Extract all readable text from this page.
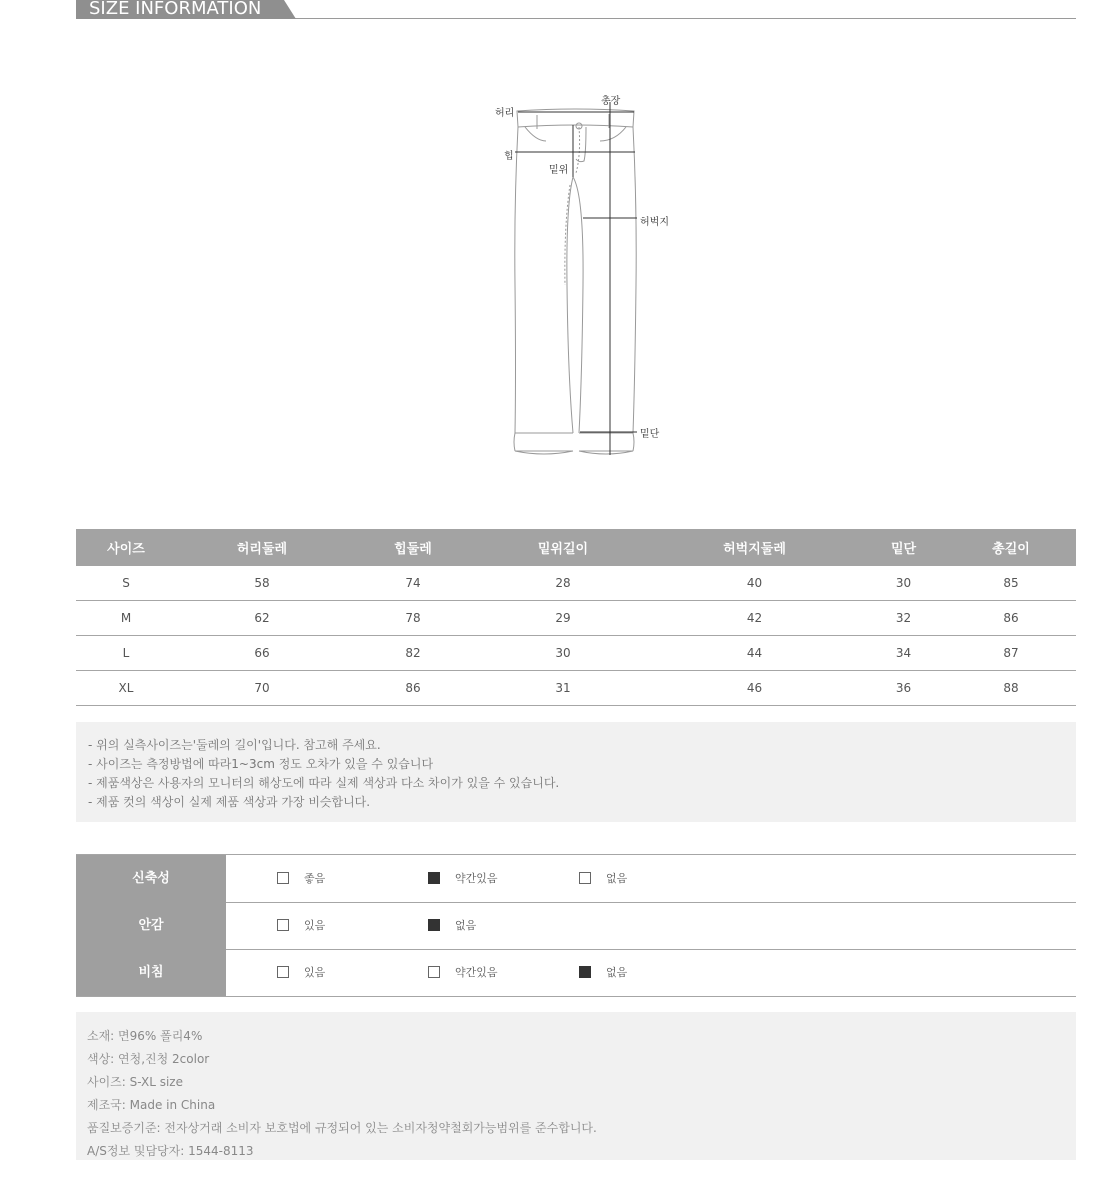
SIZE INFORMATION
허리
총장
힙
밑위
허벅지
밑단
사이즈	허리둘레	힙둘레	밑위길이	허벅지둘레	밑단	총길이
S	58	74	28	40	30	85
M	62	78	29	42	32	86
L	66	82	30	44	34	87
XL	70	86	31	46	36	88
- 위의 실측사이즈는'둘레의 길이'입니다. 참고해 주세요.
- 사이즈는 측정방법에 따라1~3cm 정도 오차가 있을 수 있습니다
- 제품색상은 사용자의 모니터의 해상도에 따라 실제 색상과 다소 차이가 있을 수 있습니다.
- 제품 컷의 색상이 실제 제품 색상과 가장 비슷합니다.
신축성	좋음	약간있음	없음
안감	있음	없음
비침	있음	약간있음	없음
소재: 면96% 폴리4%
색상: 연청,진청 2color
사이즈: S-XL size
제조국: Made in China
품질보증기준: 전자상거래 소비자 보호법에 규정되어 있는 소비자청약철회가능범위를 준수합니다.
A/S정보 및담당자: 1544-8113
